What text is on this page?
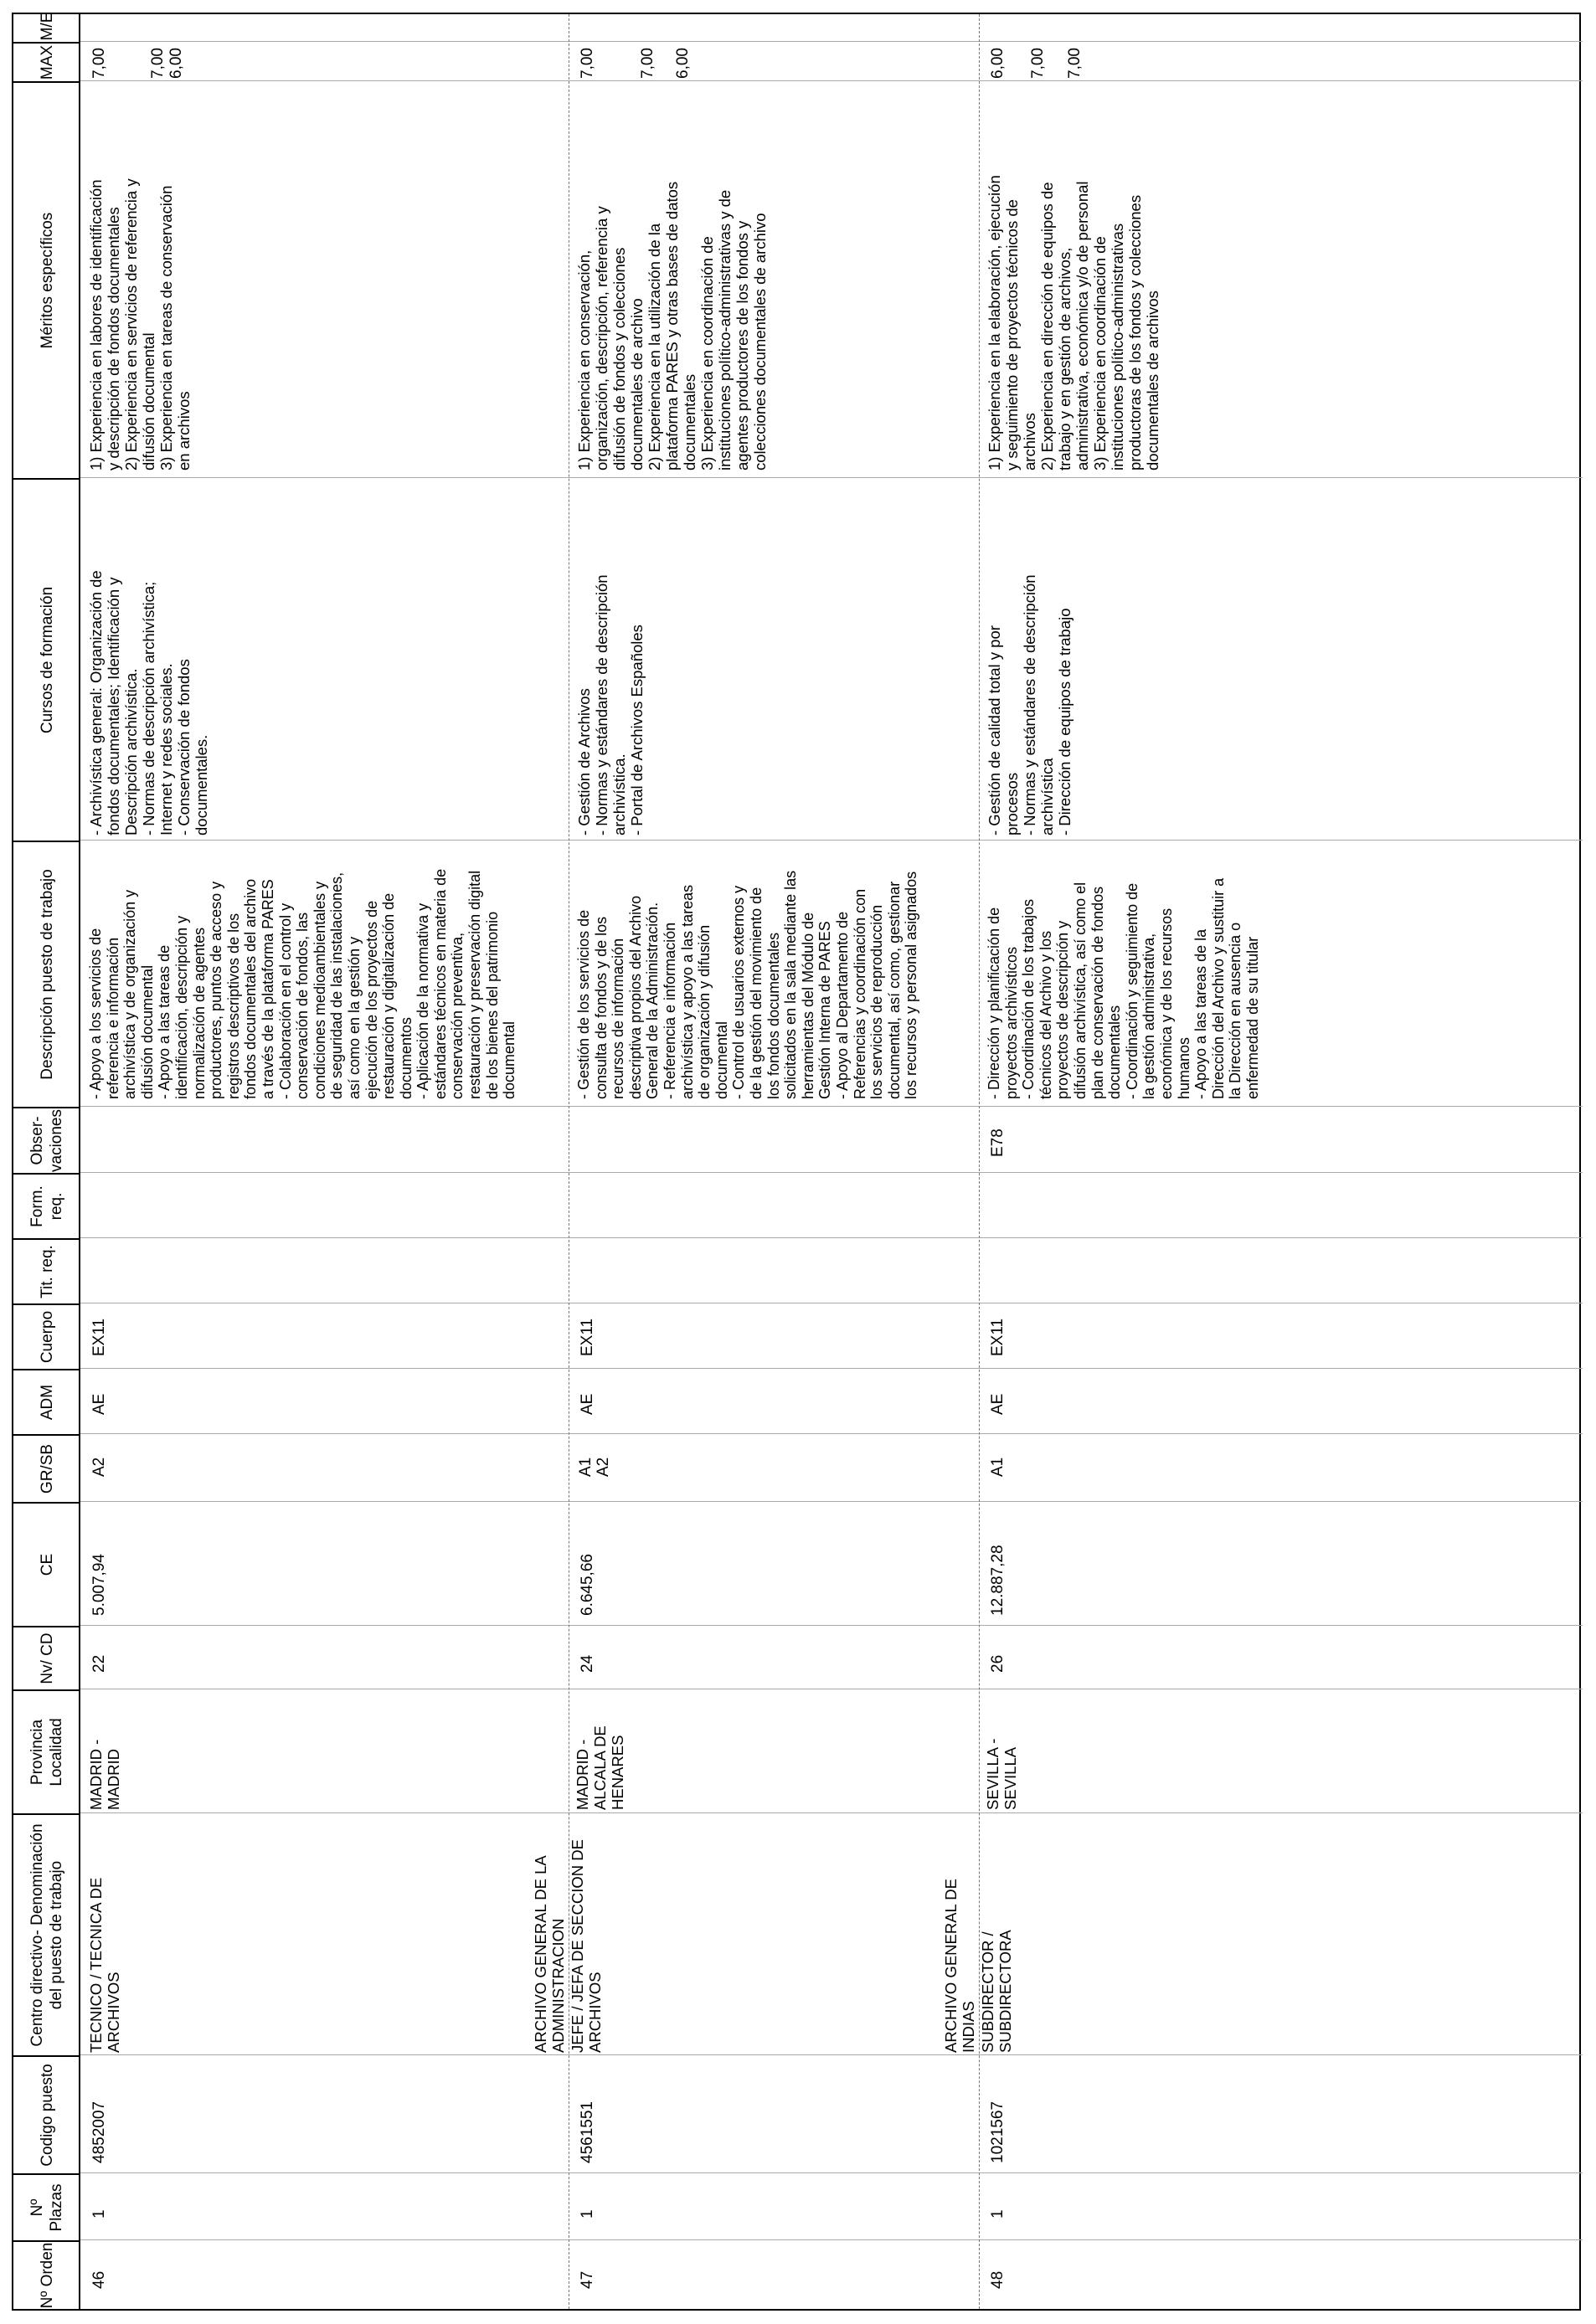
Nº Orden
Nº Plazas
Codigo puesto
Centro directivo- Denominación del puesto de trabajo
Provincia Localidad
Nv/ CD
CE
GR/SB
ADM
Cuerpo
Tit. req.
Form. req.
Obser- vaciones
Descripción puesto de trabajo
Cursos de formación
Méritos específicos
MAX
M/E
46
1
4852007
TECNICO / TECNICA DE
ARCHIVOS
MADRID -
MADRID
22
5.007,94
A2
AE
EX11
- Apoyo a los servicios de
referencia e información
archivística y de organización y
difusión documental
- Apoyo a las tareas de
identificación, descripción y
normalización de agentes
productores, puntos de acceso y
registros descriptivos de los
fondos documentales del archivo
a través de la plataforma PARES
- Colaboración en el control y
conservación de fondos, las
condiciones medioambientales y
de seguridad de las instalaciones,
así como en la gestión y
ejecución de los proyectos de
restauración y digitalización de
documentos
- Aplicación de la normativa y
estándares técnicos en materia de
conservación preventiva,
restauración y preservación digital
de los bienes del patrimonio
documental
- Archivística general: Organización de
fondos documentales; Identificación y
Descripción archivística.
- Normas de descripción archivística;
Internet y redes sociales.
- Conservación de fondos
documentales.
1) Experiencia en labores de identificación
y descripción de fondos documentales
2) Experiencia en servicios de referencia y
difusión documental
3) Experiencia en tareas de conservación
en archivos
7,00	7,00 6,00
47
1
4561551
ARCHIVO GENERAL DE LA
ADMINISTRACION JEFE / JEFA DE SECCION DE
ARCHIVOS
MADRID -
ALCALA DE
HENARES
24
6.645,66
A1
A2
AE
EX11
- Gestión de los servicios de
consulta de fondos y de los
recursos de información
descriptiva propios del Archivo
General de la Administración.
- Referencia e información
archivística y apoyo a las tareas
de organización y difusión
documental
- Control de usuarios externos y
de la gestión del movimiento de
los fondos documentales
solicitados en la sala mediante las
herramientas del Módulo de
Gestión Interna de PARES
- Apoyo al Departamento de
Referencias y coordinación con
los servicios de reproducción
documental, así como, gestionar
los recursos y personal asignados
- Gestión de Archivos
- Normas y estándares de descripción
archivística.
- Portal de Archivos Españoles
1) Experiencia en conservación,
organización, descripción, referencia y
difusión de fondos y colecciones
documentales de archivo
2) Experiencia en la utilización de la
plataforma PARES y otras bases de datos
documentales
3) Experiencia en coordinación de
instituciones político-administrativas y de
agentes productores de los fondos y
colecciones documentales de archivo
7,00	7,00 6,00
48
1
1021567
ARCHIVO GENERAL DE
INDIAS SUBDIRECTOR /
SUBDIRECTORA
SEVILLA -
SEVILLA
26
12.887,28
A1
AE
EX11
E78
- Dirección y planificación de
proyectos archivísticos
- Coordinación de los trabajos
técnicos del Archivo y los
proyectos de descripción y
difusión archivística, así como el
plan de conservación de fondos
documentales
- Coordinación y seguimiento de
la gestión administrativa,
económica y de los recursos
humanos
- Apoyo a las tareas de la
Dirección del Archivo y sustituir a
la Dirección en ausencia o
enfermedad de su titular
- Gestión de calidad total y por
procesos
- Normas y estándares de descripción
archivística
- Dirección de equipos de trabajo
1) Experiencia en la elaboración, ejecución
y seguimiento de proyectos técnicos de
archivos
2) Experiencia en dirección de equipos de
trabajo y en gestión de archivos,
administrativa, económica y/o de personal
3) Experiencia en coordinación de
instituciones político-administrativas
productoras de los fondos y colecciones
documentales de archivos
6,00 7,00 7,00
